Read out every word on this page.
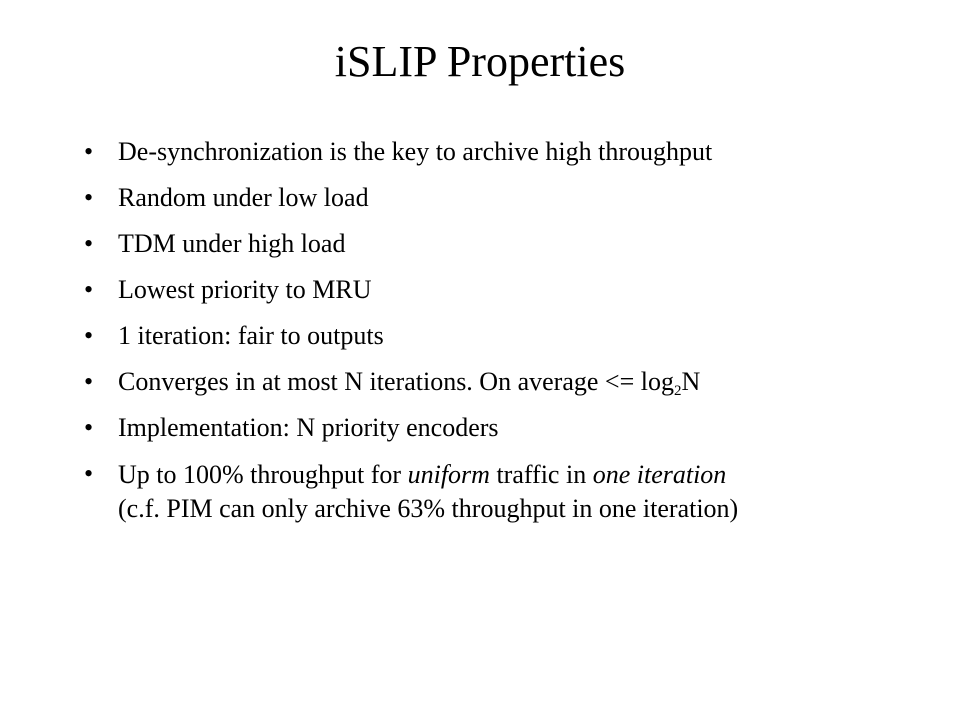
iSLIP Properties
• De-synchronization is the key to archive high throughput
• Random under low load
• TDM under high load
• Lowest priority to MRU
• 1 iteration: fair to outputs
• Converges in at most N iterations. On average <= $\log_2N$
• Implementation: N priority encoders
• Up to 100% throughput for uniform traffic in one iteration
(c.f. PIM can only archive 63% throughput in one iteration)
